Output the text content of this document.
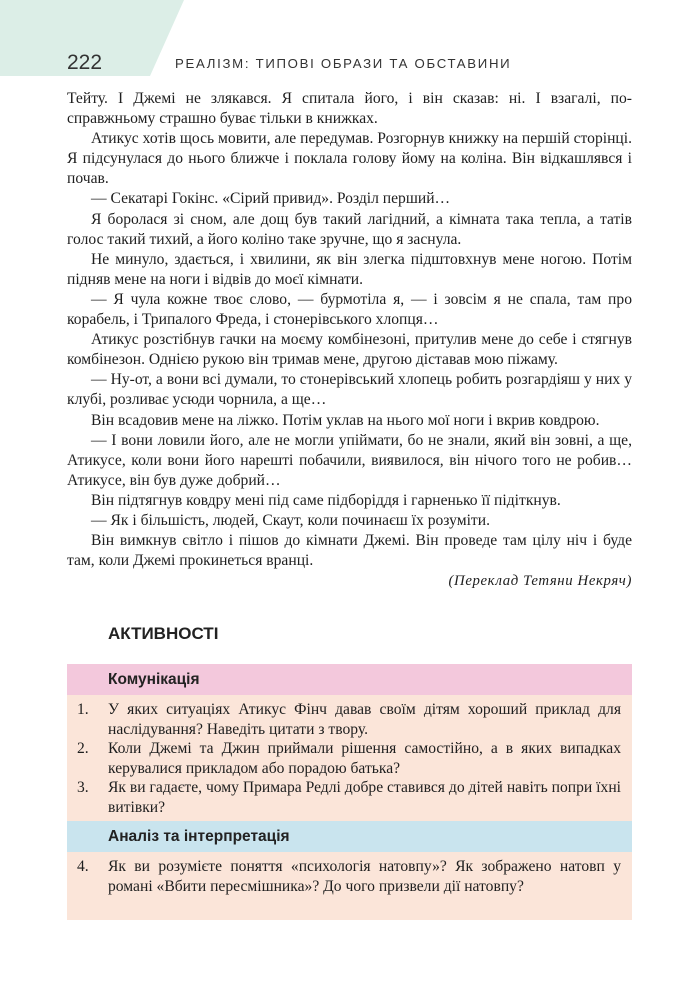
222	РЕАЛІЗМ: ТИПОВІ ОБРАЗИ ТА ОБСТАВИНИ

Тейту. І Джемі не злякався. Я спитала його, і він сказав: ні. І взагалі, по-справжньому страшно буває тільки в книжках.

Атикус хотів щось мовити, але передумав. Розгорнув книжку на першій сторінці. Я підсунулася до нього ближче і поклала голову йому на коліна. Він відкашлявся і почав.

— Секатарі Гокінс. «Сірий привид». Розділ перший…

Я боролася зі сном, але дощ був такий лагідний, а кімната така тепла, а татів голос такий тихий, а його коліно таке зручне, що я заснула.

Не минуло, здається, і хвилини, як він злегка підштовхнув мене ногою. Потім підняв мене на ноги і відвів до моєї кімнати.

— Я чула кожне твоє слово, — бурмотіла я, — і зовсім я не спала, там про корабель, і Трипалого Фреда, і стонерівського хлопця…

Атикус розстібнув гачки на моєму комбінезоні, притулив мене до себе і стягнув комбінезон. Однією рукою він тримав мене, другою діставав мою піжаму.

— Ну-от, а вони всі думали, то стонерівський хлопець робить розгардіяш у них у клубі, розливає усюди чорнила, а ще…

Він всадовив мене на ліжко. Потім уклав на нього мої ноги і вкрив ковдрою.

— І вони ловили його, але не могли упіймати, бо не знали, який він зовні, а ще, Атикусе, коли вони його нарешті побачили, виявилося, він нічого того не робив… Атикусе, він був дуже добрий…

Він підтягнув ковдру мені під саме підборіддя і гарненько її підіткнув.

— Як і більшість, людей, Скаут, коли починаєш їх розуміти.

Він вимкнув світло і пішов до кімнати Джемі. Він проведе там цілу ніч і буде там, коли Джемі прокинеться вранці.

(Переклад Тетяни Некряч)
АКТИВНОСТІ
Комунікація
1.	У яких ситуаціях Атикус Фінч давав своїм дітям хороший приклад для наслідування? Наведіть цитати з твору.
2.	Коли Джемі та Джин приймали рішення самостійно, а в яких випадках керувалися прикладом або порадою батька?
3.	Як ви гадаєте, чому Примара Редлі добре ставився до дітей навіть попри їхні витівки?
Аналіз та інтерпретація
4.	Як ви розумієте поняття «психологія натовпу»? Як зображено натовп у романі «Вбити пересмішника»? До чого призвели дії натовпу?
